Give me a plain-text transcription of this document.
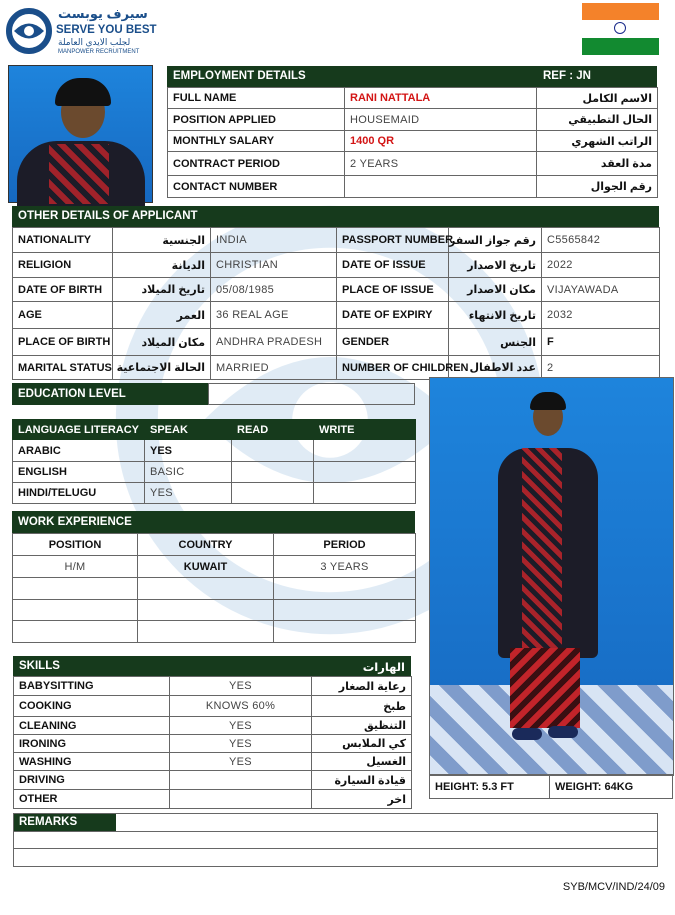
سيرف يوبست
SERVE YOU BEST
لجلب الايدي العاملة
MANPOWER RECRUITMENT
EMPLOYMENT DETAILS	REF : JN
FULL NAME	RANI NATTALA	الاسم الكامل
POSITION APPLIED	HOUSEMAID	الحال التطبيقي
MONTHLY SALARY	1400 QR	الراتب الشهري
CONTRACT PERIOD	2 YEARS	مدة العقد
CONTACT NUMBER		رقم الجوال
OTHER DETAILS OF APPLICANT
NATIONALITY	الجنسية	INDIA	PASSPORT NUMBER	رقم جواز السفر	C5565842
RELIGION	الديانة	CHRISTIAN	DATE OF ISSUE	تاريخ الاصدار	2022
DATE OF BIRTH	تاريخ الميلاد	05/08/1985	PLACE OF ISSUE	مكان الاصدار	VIJAYAWADA
AGE	العمر	36 REAL AGE	DATE OF EXPIRY	تاريخ الانتهاء	2032
PLACE OF BIRTH	مكان الميلاد	ANDHRA PRADESH	GENDER	الجنس	F
MARITAL STATUS	الحالة الاجتماعية	MARRIED	NUMBER OF CHILDREN	عدد الاطفال	2
EDUCATION LEVEL
LANGUAGE LITERACY	SPEAK	READ	WRITE
ARABIC	YES		
ENGLISH	BASIC		
HINDI/TELUGU	YES		
WORK EXPERIENCE
POSITION	COUNTRY	PERIOD
H/M	KUWAIT	3 YEARS

SKILLS	الهارات
BABYSITTING	YES	رعاية الصغار
COOKING	KNOWS 60%	طبخ
CLEANING	YES	التنظيق
IRONING	YES	كي الملابس
WASHING	YES	الغسيل
DRIVING		قيادة السيارة
OTHER		اخر
HEIGHT: 5.3 FT	WEIGHT: 64KG
REMARKS
SYB/MCV/IND/24/09
